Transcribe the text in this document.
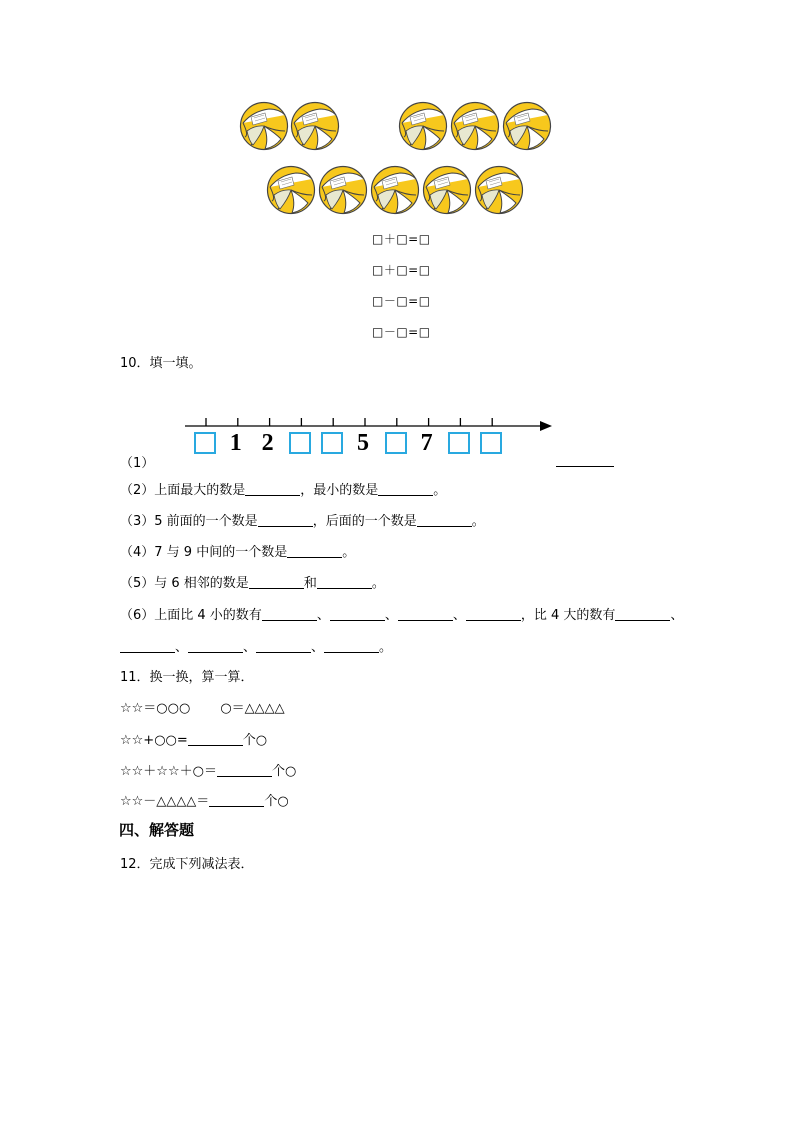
□＋□=□
□＋□=□
□－□=□
□－□=□
10．填一填。
1 2	5 7
（1）
（2）上面最大的数是	，最小的数是	。
（3）5 前面的一个数是	，后面的一个数是	。
（4）7 与 9 中间的一个数是	。
（5）与 6 相邻的数是	和	。
（6）上面比 4 小的数有	、	、	、	，比 4 大的数有	、
、	、	、	。
11．换一换，算一算．
☆☆＝○○○ ○＝△△△△
☆☆+○○=	个○
☆☆＋☆☆＋○＝	个○
☆☆－△△△△＝	个○
四、解答题
12．完成下列减法表．
